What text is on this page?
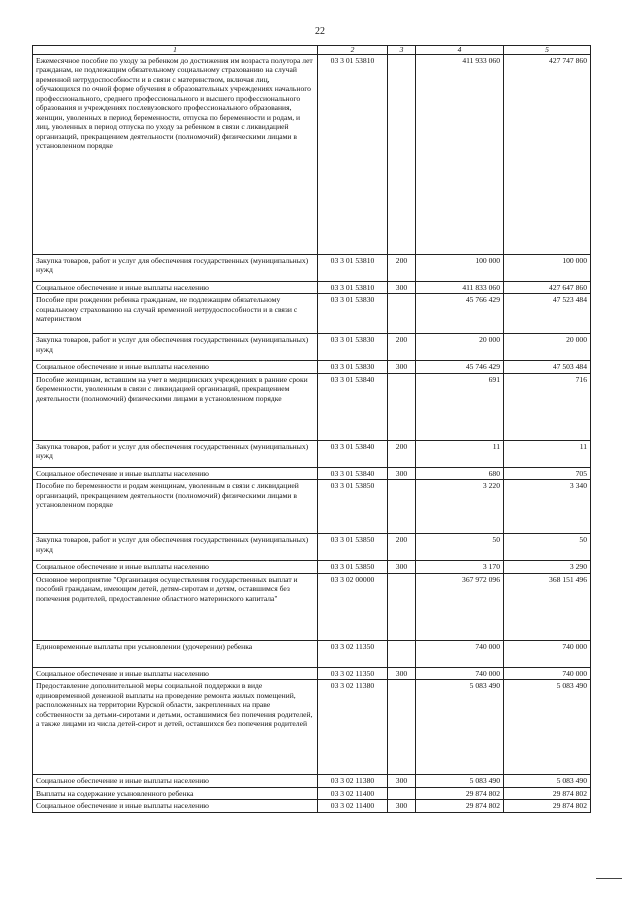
22
1	2	3	4	5
Ежемесячное пособие по уходу за ребенком до достижения им возраста полутора лет гражданам, не подлежащим обязательному социальному страхованию на случай временной нетрудоспособности и в связи с материнством, включая лиц, обучающихся по очной форме обучения в образовательных учреждениях начального профессионального, среднего профессионального и высшего профессионального образования и учреждениях послевузовского профессионального образования, женщин, уволенных в период беременности, отпуска по беременности и родам, и лиц, уволенных в период отпуска по уходу за ребенком в связи с ликвидацией организаций, прекращением деятельности (полномочий) физическими лицами в установленном порядке	03 3 01 53810		411 933 060	427 747 860
Закупка товаров, работ и услуг для обеспечения государственных (муниципальных) нужд	03 3 01 53810	200	100 000	100 000
Социальное обеспечение и иные выплаты населению	03 3 01 53810	300	411 833 060	427 647 860
Пособие при рождении ребенка гражданам, не подлежащим обязательному социальному страхованию на случай временной нетрудоспособности и в связи с материнством	03 3 01 53830		45 766 429	47 523 484
Закупка товаров, работ и услуг для обеспечения государственных (муниципальных) нужд	03 3 01 53830	200	20 000	20 000
Социальное обеспечение и иные выплаты населению	03 3 01 53830	300	45 746 429	47 503 484
Пособие женщинам, вставшим на учет в медицинских учреждениях в ранние сроки беременности, уволенным в связи с ликвидацией организаций, прекращением деятельности (полномочий) физическими лицами в установленном порядке	03 3 01 53840		691	716
Закупка товаров, работ и услуг для обеспечения государственных (муниципальных) нужд	03 3 01 53840	200	11	11
Социальное обеспечение и иные выплаты населению	03 3 01 53840	300	680	705
Пособие по беременности и родам женщинам, уволенным в связи с ликвидацией организаций, прекращением деятельности (полномочий) физическими лицами в установленном порядке	03 3 01 53850		3 220	3 340
Закупка товаров, работ и услуг для обеспечения государственных (муниципальных) нужд	03 3 01 53850	200	50	50
Социальное обеспечение и иные выплаты населению	03 3 01 53850	300	3 170	3 290
Основное мероприятие "Организация осуществления государственных выплат и пособий гражданам, имеющим детей, детям-сиротам и детям, оставшимся без попечения родителей, предоставление областного материнского капитала"	03 3 02 00000		367 972 096	368 151 496
Единовременные выплаты при усыновлении (удочерении) ребенка	03 3 02 11350		740 000	740 000
Социальное обеспечение и иные выплаты населению	03 3 02 11350	300	740 000	740 000
Предоставление дополнительной меры социальной поддержки в виде единовременной денежной выплаты на проведение ремонта жилых помещений, расположенных на территории Курской области, закрепленных на праве собственности за детьми-сиротами и детьми, оставшимися без попечения родителей, а также лицами из числа детей-сирот и детей, оставшихся без попечения родителей	03 3 02 11380		5 083 490	5 083 490
Социальное обеспечение и иные выплаты населению	03 3 02 11380	300	5 083 490	5 083 490
Выплаты на содержание усыновленного ребенка	03 3 02 11400		29 874 802	29 874 802
Социальное обеспечение и иные выплаты населению	03 3 02 11400	300	29 874 802	29 874 802
